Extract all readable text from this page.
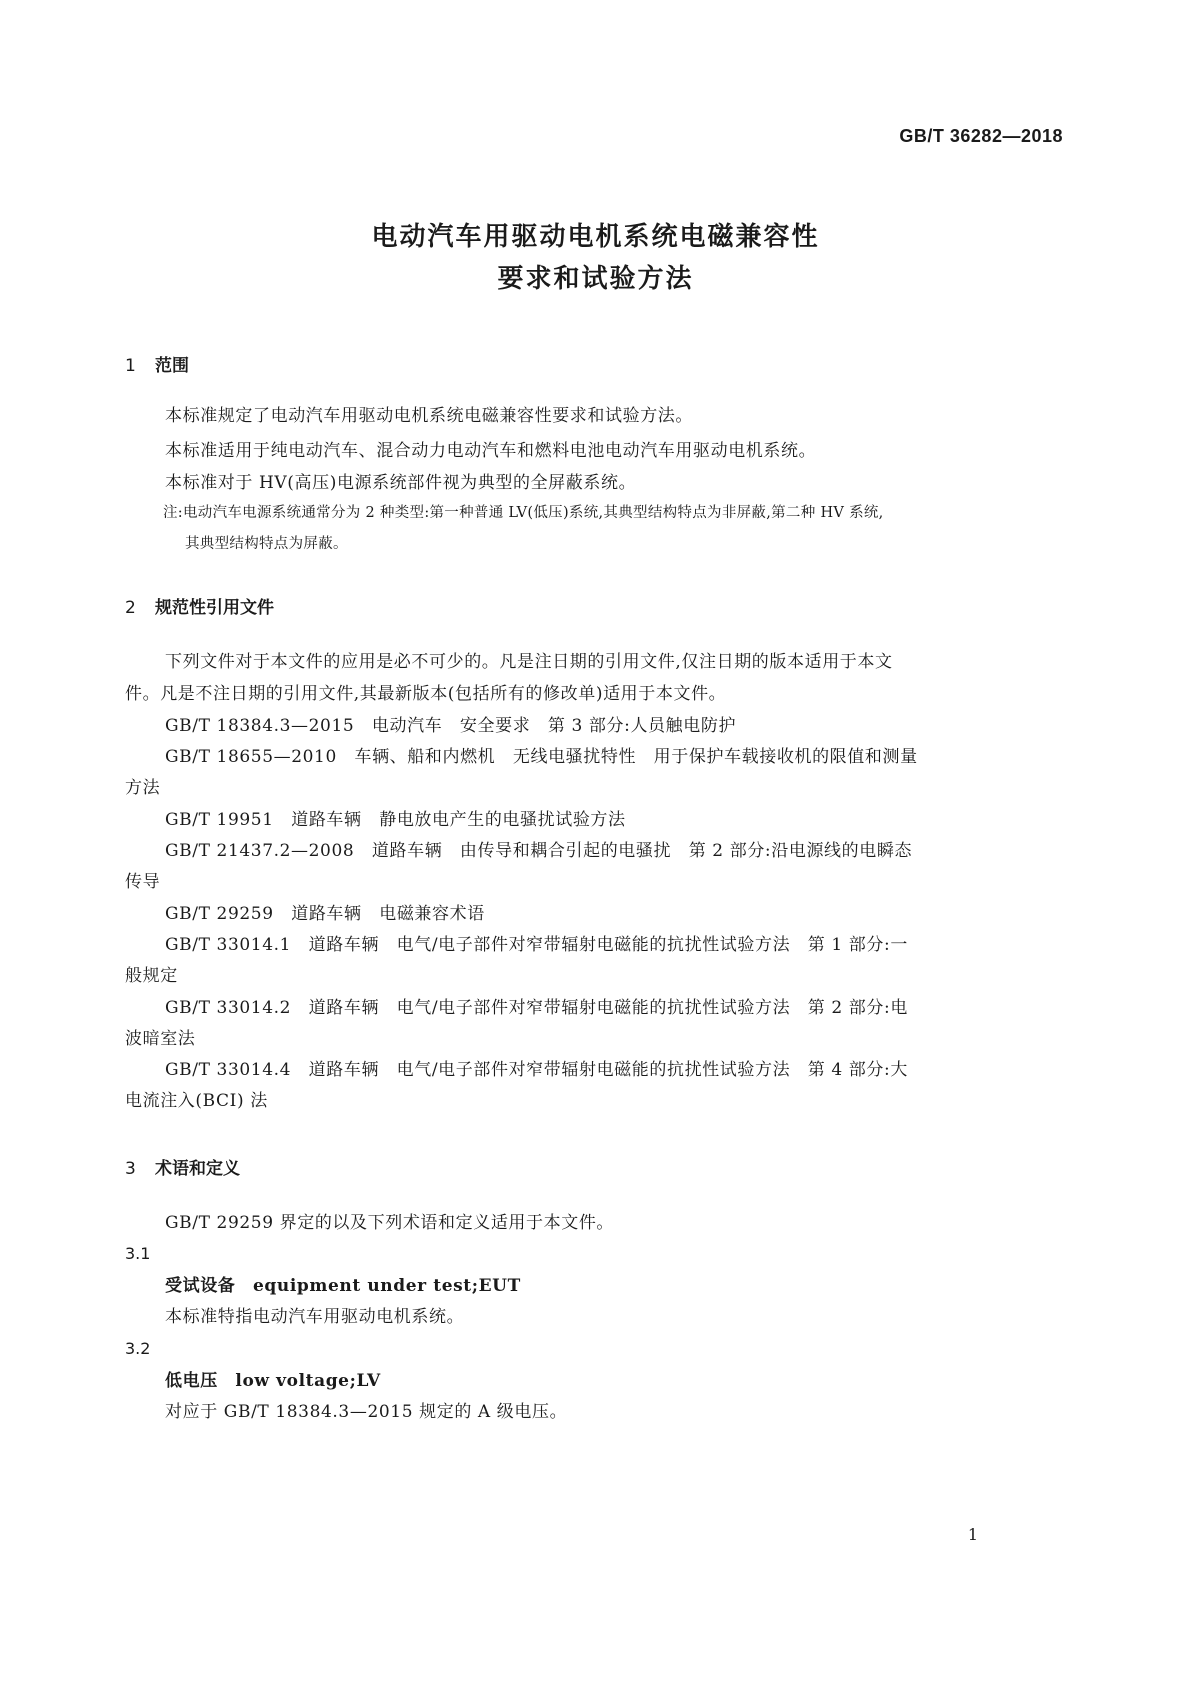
GB/T 36282—2018
电动汽车用驱动电机系统电磁兼容性
要求和试验方法
1 范围
本标准规定了电动汽车用驱动电机系统电磁兼容性要求和试验方法。
本标准适用于纯电动汽车、混合动力电动汽车和燃料电池电动汽车用驱动电机系统。
本标准对于 HV(高压)电源系统部件视为典型的全屏蔽系统。
注:电动汽车电源系统通常分为 2 种类型:第一种普通 LV(低压)系统,其典型结构特点为非屏蔽,第二种 HV 系统,
其典型结构特点为屏蔽。
2 规范性引用文件
下列文件对于本文件的应用是必不可少的。凡是注日期的引用文件,仅注日期的版本适用于本文
件。凡是不注日期的引用文件,其最新版本(包括所有的修改单)适用于本文件。
GB/T 18384.3—2015　电动汽车　安全要求　第 3 部分:人员触电防护
GB/T 18655—2010　车辆、船和内燃机　无线电骚扰特性　用于保护车载接收机的限值和测量
方法
GB/T 19951　道路车辆　静电放电产生的电骚扰试验方法
GB/T 21437.2—2008　道路车辆　由传导和耦合引起的电骚扰　第 2 部分:沿电源线的电瞬态
传导
GB/T 29259　道路车辆　电磁兼容术语
GB/T 33014.1　道路车辆　电气/电子部件对窄带辐射电磁能的抗扰性试验方法　第 1 部分:一
般规定
GB/T 33014.2　道路车辆　电气/电子部件对窄带辐射电磁能的抗扰性试验方法　第 2 部分:电
波暗室法
GB/T 33014.4　道路车辆　电气/电子部件对窄带辐射电磁能的抗扰性试验方法　第 4 部分:大
电流注入(BCI) 法
3 术语和定义
GB/T 29259 界定的以及下列术语和定义适用于本文件。
3.1
受试设备　equipment under test;EUT
本标准特指电动汽车用驱动电机系统。
3.2
低电压　low voltage;LV
对应于 GB/T 18384.3—2015 规定的 A 级电压。
1
